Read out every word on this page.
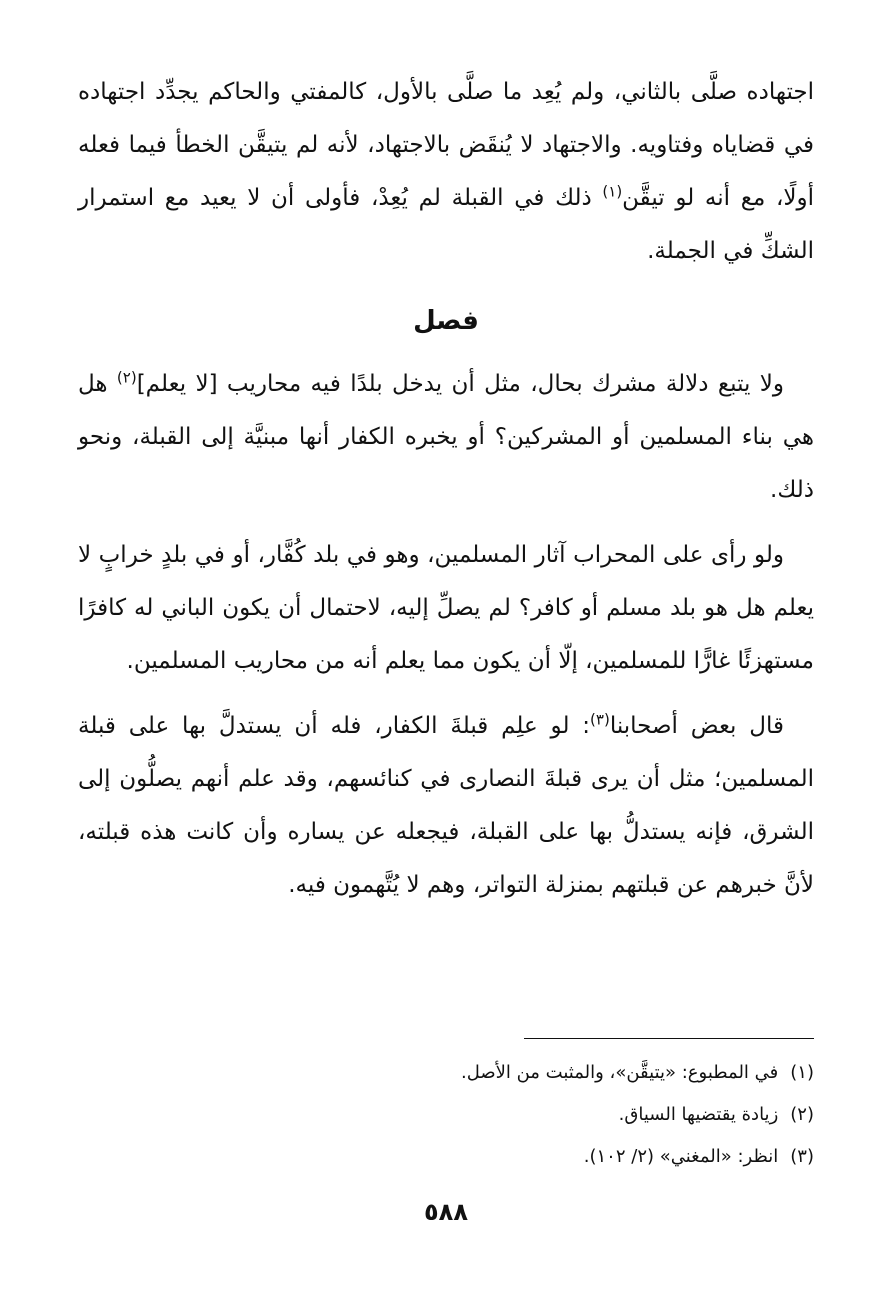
اجتهاده صلَّى بالثاني، ولم يُعِد ما صلَّى بالأول، كالمفتي والحاكم يجدِّد اجتهاده في قضاياه وفتاويه. والاجتهاد لا يُنقَض بالاجتهاد، لأنه لم يتيقَّن الخطأ فيما فعله أولًا، مع أنه لو تيقَّن$^{(١)}$ ذلك في القبلة لم يُعِدْ، فأولى أن لا يعيد مع استمرار الشكِّ في الجملة.

فصل

ولا يتبع دلالة مشرك بحال، مثل أن يدخل بلدًا فيه محاريب [لا يعلم]$^{(٢)}$ هل هي بناء المسلمين أو المشركين؟ أو يخبره الكفار أنها مبنيَّة إلى القبلة، ونحو ذلك.

ولو رأى على المحراب آثار المسلمين، وهو في بلد كُفَّار، أو في بلدٍ خرابٍ لا يعلم هل هو بلد مسلم أو كافر؟ لم يصلِّ إليه، لاحتمال أن يكون الباني له كافرًا مستهزئًا غارًّا للمسلمين، إلّا أن يكون مما يعلم أنه من محاريب المسلمين.

قال بعض أصحابنا$^{(٣)}$: لو علِم قبلةَ الكفار، فله أن يستدلَّ بها على قبلة المسلمين؛ مثل أن يرى قبلةَ النصارى في كنائسهم، وقد علم أنهم يصلُّون إلى الشرق، فإنه يستدلُّ بها على القبلة، فيجعله عن يساره وأن كانت هذه قبلته، لأنَّ خبرهم عن قبلتهم بمنزلة التواتر، وهم لا يُتَّهمون فيه.

(١)في المطبوع: «يتيقَّن»، والمثبت من الأصل.
(٢)زيادة يقتضيها السياق.
(٣)انظر: «المغني» (٢/ ١٠٢).
٥٨٨
